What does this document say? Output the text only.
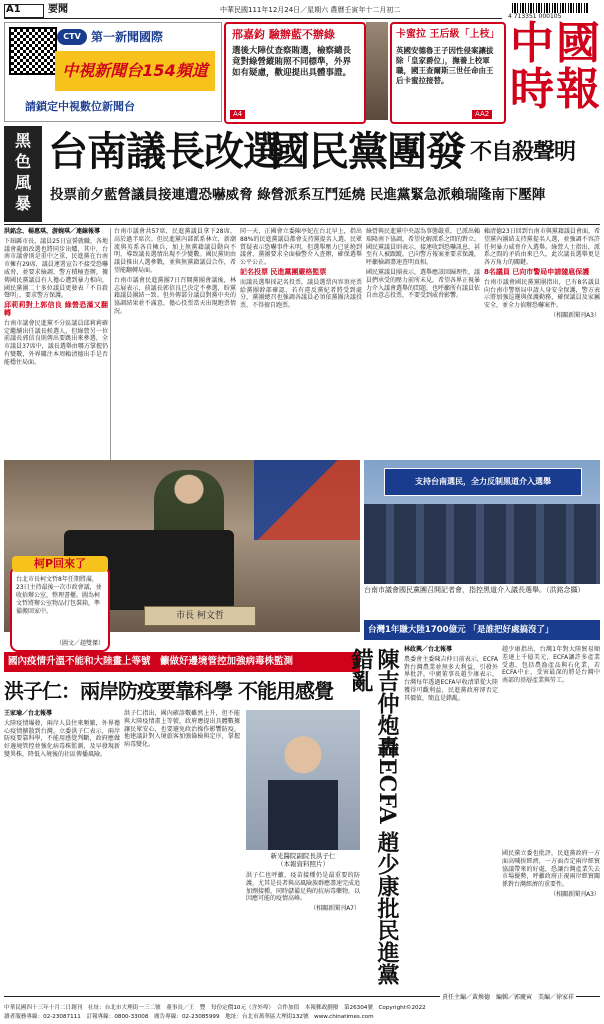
A1	要聞	中華民國111年12月24日／星期六 農曆壬寅年十二月初二
4 713351 000105
中國
時報
CTV 第一新聞國際
中視新聞台154頻道
請鎖定中視數位新聞台
邢嘉鈞 驗辦藍不辦綠
選後大陣仗查察賄選，檢察總長竟對綠營縱賄照不同標準，外界如有疑慮，歡迎提出具體事證。
A4
卡蜜拉 王后級「上枝」
英國安德魯王子因性侵案讓拔除「皇家爵位」，撫養上校軍職，國王查爾斯三世任命由王后卡蜜拉接替。
AA2
黑色風暴
台南議長改選
國民黨團發 不自殺聲明
投票前夕藍營議員接連遭恐嚇威脅 綠營派系互鬥延燒 民進黨緊急派賴瑞隆南下壓陣

洪銘念、楊惠琪、游婉琪／連線報導

下屆縣市長、議員25日宣誓就職，各地議會龍頭改選也將同步出爐，其中，台南市議會則是重中之重，民進黨在台南市擁有29席，議員連署宣告不接受恐嚇威脅，並要求檢調、警方積極查辦，據傳國民黨議員有人擔心遭到暴力相向，國民黨團二十多位議員更發表「不自殺聲明」，要求警方保護。

邱莉莉對上郭信良 綠營恐滿又翻轉

台南市議會民進黨不分區議員邱莉莉確定繼續出任議長候選人，但綠營另一位前議長郭信良則傳出要跳出來參選，全市議員37席中，議長選舉由哪方掌握仍有變數，外界關注本周賴清德出手是否能穩住局面。

台南市議會共57席，民進黨議員拿下28席，高於過半席次。但民進黨內部派系林立，新潮流與英系各自擁兵，加上無黨籍議員動向不明，導致議長選情出現不少變數。國民黨則由議員推出人選參戰，並與無黨籍議員合作，希望能翻轉局面。

台南市議會民進黨團7日召開黨團會議後，林志展表示，前議長郭信良已決定不參選，盼黨籍議員團結一致。但外傳部分議員對黨中央的協調結果並不滿意，擔心投票當天出現跑票情況。

同一天，正國會立委陳亭妃在台北早上，指出88%的民進黨議員都會支持黨提名人選。民眾質疑表示恐嚇事件未明，但選舉壓力已延燒到議會，黨團要求全面檢警介入查辦，確保選舉公平公正。

記名投票 民進黨團嚴格監票

而議長選舉採記名投票，議員選票內容須亮票給黨團幹部確認，若有違反黨紀者將受到處分，黨團總召也強調各議員必須依黨團決議投票，不得擅自跑票。

綠營與民進黨中央認為事態嚴重，已派出賴瑞隆南下協調，希望化解派系之間的對立。國民黨議員則表示，接連收到恐嚇訊息，甚至有人被跟蹤，已向警方報案並要求保護，呼籲檢調盡速查明真相。

國民黨議員團表示，選舉應該回歸理性，議員們承受的壓力前所未見，希望各界正視暴力介入議會選舉的問題，也呼籲所有議員依自由意志投票，不要受到威脅影響。

賴清德23日回到台南市與黨籍議員會面，希望黨內團結支持黨提名人選，並強調不容許任何暴力威脅介入選舉。綠營人士指出，派系之間的矛盾由來已久，此次議長選舉更是各方角力的關鍵。

8名議員 已向市警局申請隨扈保護

台南市議會國民黨黨團指出，已有8名議員向台南市警察局申請人身安全保護，警方表示將加強巡邏與保護勤務，確保議員及家屬安全，並全力偵辦恐嚇案件。

（相關新聞刊A3）

市長 柯文哲
柯P回來了
台北市長柯文哲8年任期將滿，23日主持最後一次市政會議，並收拾辦公室，整理書櫃。圖為柯文哲將辦公室物品打包裝箱，準備搬回家中。
（圖文／趙雙傑）
支持台南選民，全力反制黑道介入選舉
台南市議會國民黨團召開記者會，指控黑道介入議長選舉。（洪銘念攝）
國內疫情升溫不能和大陸畫上等號　籲做好邊境管控加強病毒株監測
洪子仁：兩岸防疫要靠科學 不能用感覺

王家瑜／台北報導

大陸疫情爆發，兩岸人員往來頻繁，外界擔心疫情擴散到台灣。立委洪子仁表示，兩岸防疫要靠科學，不能用感覺判斷，政府應做好邊境管控並強化病毒株監測，及早發現新變異株，降低入境後的社區傳播風險。

洪子仁指出，國內確診數雖然上升，但不能與大陸疫情畫上等號，政府應提出具體數據讓民眾安心，也要避免政治操作影響防疫。他建議針對入境旅客加強篩檢與定序，掌握病毒變化。

新光醫院副院長洪子仁
（本報資料照片）

洪子仁也呼籲，疫苗接種仍是最重要的防護，尤其是長者與高風險族群應盡速完成追加劑接種，同時儲備足夠的抗病毒藥物，以因應可能的疫情高峰。

（相關新聞刊A7）

台灣1年賺大陸1700億元 「是誰把好處搞沒了」
陳吉仲炮轟ECFA 趙少康批民進黨錯亂	林政興／台北報導

農委會主委陳吉仲日前表示，ECFA對台灣農業並無多大利益，引發外界批評。中廣董事長趙少康表示，台灣每年透過ECFA早收清單從大陸獲得可觀利益，民進黨政府卻否定其價值，簡直是錯亂。

趙少康指出，台灣1年對大陸貿易順差達上千億美元，ECFA讓許多產業受惠，包括農漁產品與石化業，若ECFA中止，受害最深的將是台灣中南部的基層產業與勞工。

國民黨立委也批評，民進黨政府一方面高喊拚經濟，一方面否定兩岸經貿協議帶來的好處，恐讓台灣產業失去市場優勢，呼籲政府正視兩岸經貿關係對台灣經濟的重要性。

（相關新聞刊A3）

責任主編／黃煥德　編輯／郭慶寅　美編／徐家祥
中華民國四十三年十月二日創刊　社址：台北市大理街一三二號　董事長／王　豐　每份定價10元（含外埠）　合作加值　本報郵政劃撥　第26304號　Copyright©2022
讀者服務專線：02-23087111　訂報專線：0800-33008　廣告專線：02-23085999　地址：台北市萬華區大理街132號　www.chinatimes.com
